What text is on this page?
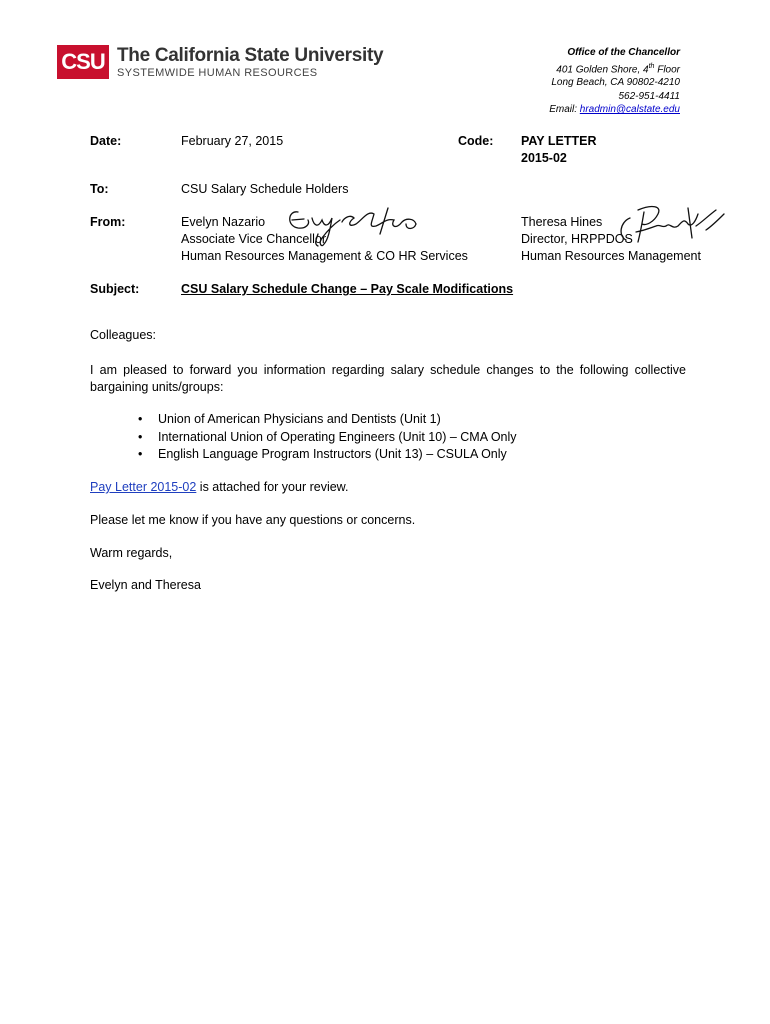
CSU The California State University
SYSTEMWIDE HUMAN RESOURCES
Office of the Chancellor
401 Golden Shore, 4th Floor
Long Beach, CA 90802-4210
562-951-4411
Email: hradmin@calstate.edu
Date:	February 27, 2015	Code: PAY LETTER
2015-02
To:	CSU Salary Schedule Holders
From:	Evelyn Nazario
Associate Vice Chancellor
Human Resources Management & CO HR Services
Theresa Hines
Director, HRPPDOS
Human Resources Management
Subject:	CSU Salary Schedule Change – Pay Scale Modifications
Colleagues:
I am pleased to forward you information regarding salary schedule changes to the following collective bargaining units/groups:
• Union of American Physicians and Dentists (Unit 1)
• International Union of Operating Engineers (Unit 10) – CMA Only
• English Language Program Instructors (Unit 13) – CSULA Only
Pay Letter 2015-02 is attached for your review.
Please let me know if you have any questions or concerns.
Warm regards,
Evelyn and Theresa
